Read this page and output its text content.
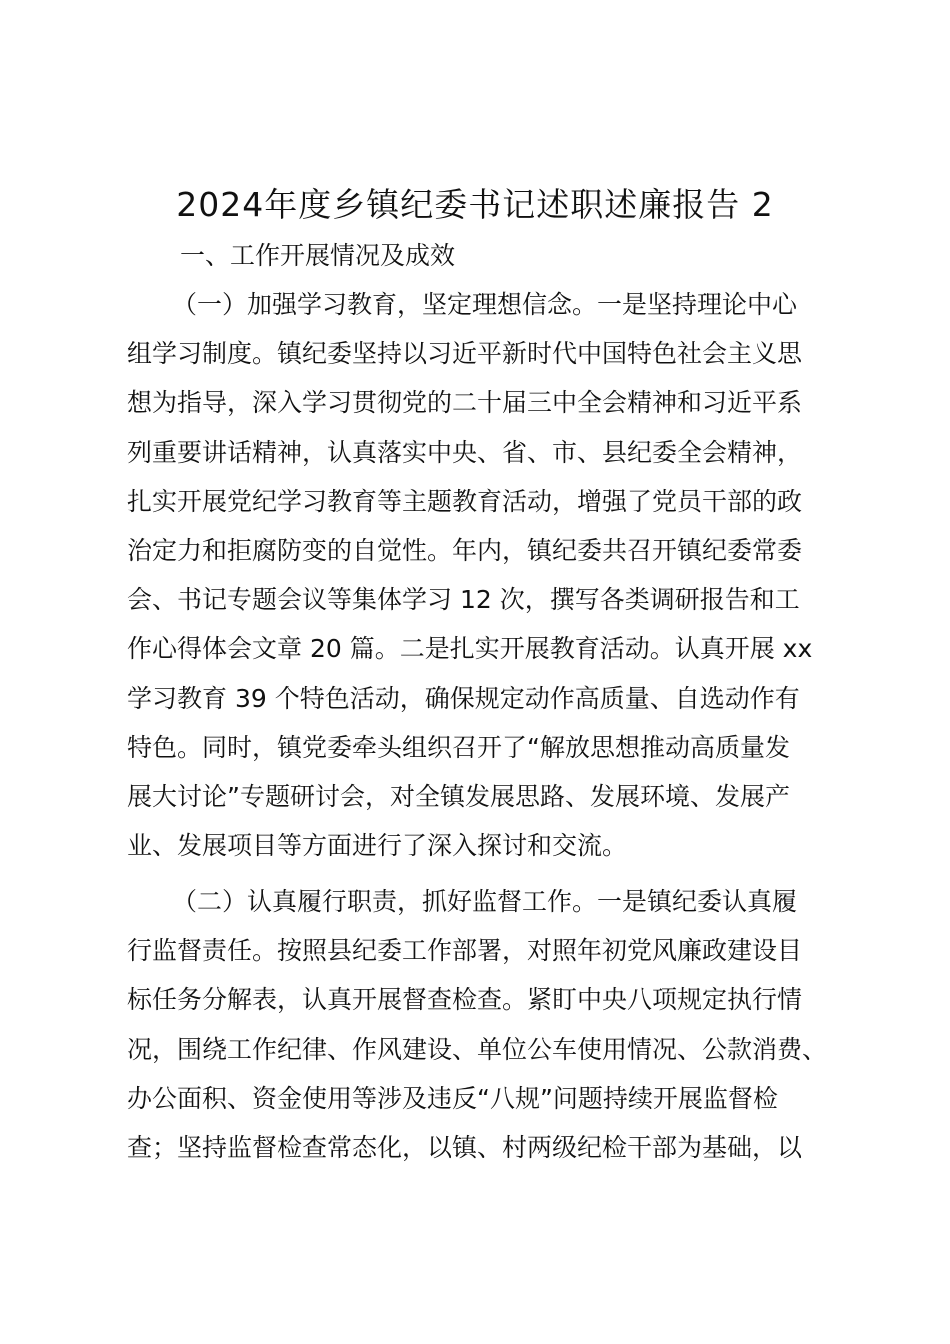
2024年度乡镇纪委书记述职述廉报告 2
一、工作开展情况及成效
（一）加强学习教育，坚定理想信念。一是坚持理论中心
组学习制度。镇纪委坚持以习近平新时代中国特色社会主义思
想为指导，深入学习贯彻党的二十届三中全会精神和习近平系
列重要讲话精神，认真落实中央、省、市、县纪委全会精神，
扎实开展党纪学习教育等主题教育活动，增强了党员干部的政
治定力和拒腐防变的自觉性。年内，镇纪委共召开镇纪委常委
会、书记专题会议等集体学习 12 次，撰写各类调研报告和工
作心得体会文章 20 篇。二是扎实开展教育活动。认真开展 xx
学习教育 39 个特色活动，确保规定动作高质量、自选动作有
特色。同时，镇党委牵头组织召开了“解放思想推动高质量发
展大讨论”专题研讨会，对全镇发展思路、发展环境、发展产
业、发展项目等方面进行了深入探讨和交流。
（二）认真履行职责，抓好监督工作。一是镇纪委认真履
行监督责任。按照县纪委工作部署，对照年初党风廉政建设目
标任务分解表，认真开展督查检查。紧盯中央八项规定执行情
况，围绕工作纪律、作风建设、单位公车使用情况、公款消费、
办公面积、资金使用等涉及违反“八规”问题持续开展监督检
查；坚持监督检查常态化，以镇、村两级纪检干部为基础，以
